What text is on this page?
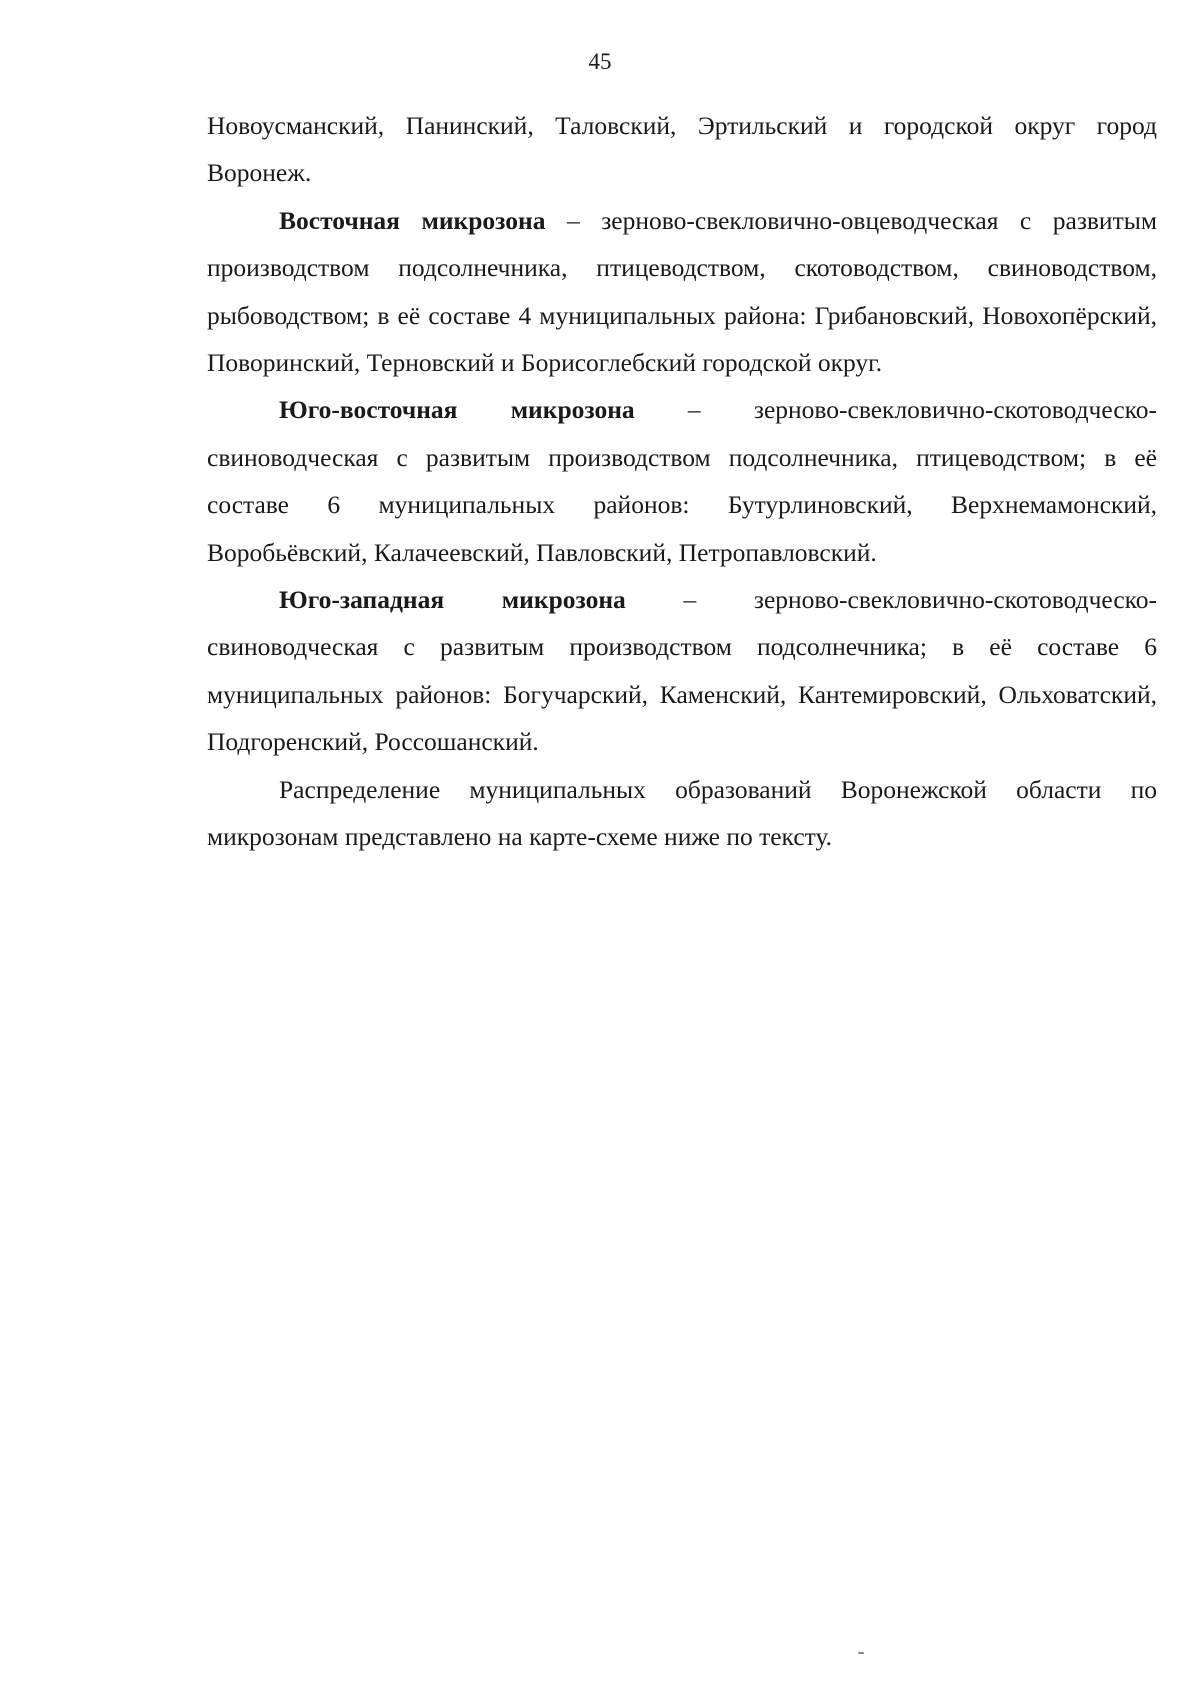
45

Новоусманский, Панинский, Таловский, Эртильский и городской округ город Воронеж.

Восточная микрозона – зерново-свекловично-овцеводческая с развитым производством подсолнечника, птицеводством, скотоводством, свиноводством, рыбоводством; в её составе 4 муниципальных района: Грибановский, Новохопёрский, Поворинский, Терновский и Борисоглебский городской округ.

Юго-восточная микрозона – зерново-свекловично-скотоводческо-свиноводческая с развитым производством подсолнечника, птицеводством; в её составе 6 муниципальных районов: Бутурлиновский, Верхнемамонский, Воробьёвский, Калачеевский, Павловский, Петропавловский.

Юго-западная микрозона – зерново-свекловично-скотоводческо-свиноводческая с развитым производством подсолнечника; в её составе 6 муниципальных районов: Богучарский, Каменский, Кантемировский, Ольховатский, Подгоренский, Россошанский.

Распределение муниципальных образований Воронежской области по микрозонам представлено на карте-схеме ниже по тексту.
